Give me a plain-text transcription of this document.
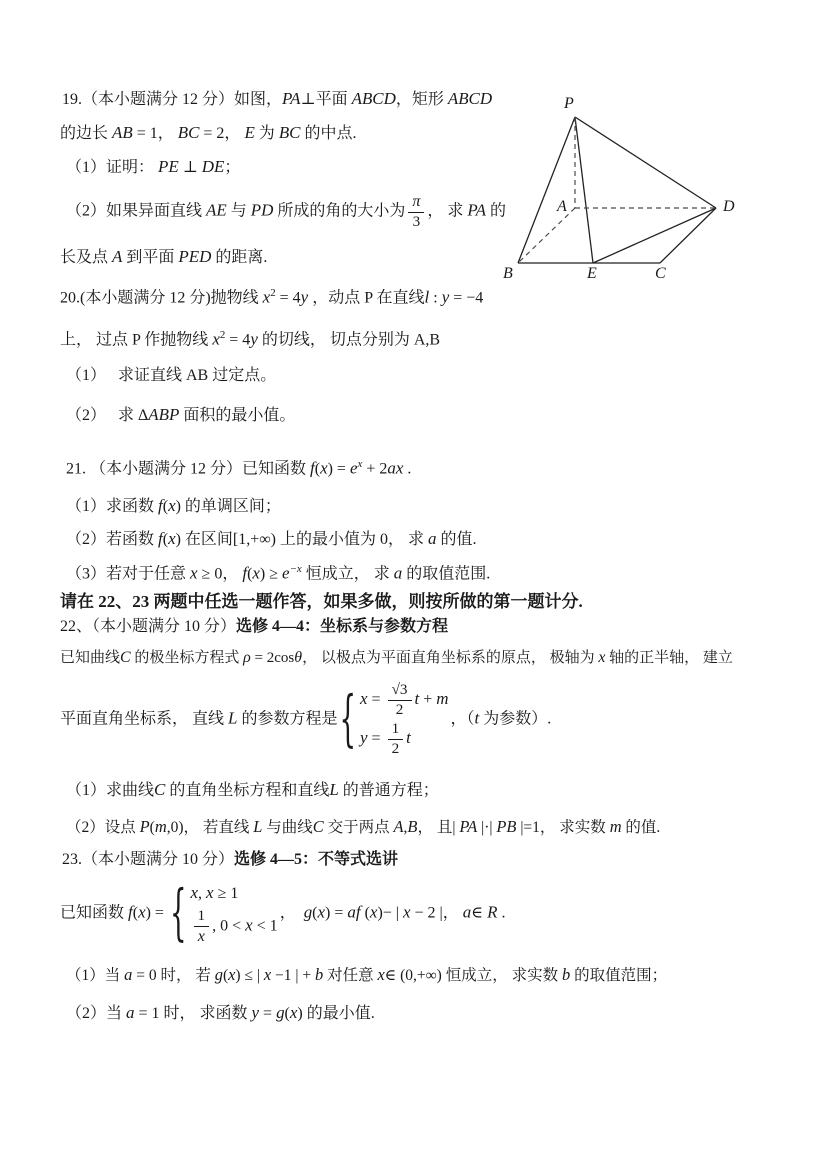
19.（本小题满分 12 分）如图，PA⊥平面 ABCD，矩形 ABCD
的边长 AB = 1， BC = 2， E 为 BC 的中点.
（1）证明： PE ⊥ DE；
（2）如果异面直线 AE 与 PD 所成的角的大小为 $\frac{\pi}{3}$ ， 求 PA 的
长及点 A 到平面 PED 的距离.
P
A	D
B	E	C
20.(本小题满分 12 分)抛物线 $x^2 = 4y$ ，动点 P 在直线l : y = −4
上， 过点 P 作抛物线 $x^2 = 4y$ 的切线， 切点分别为 A,B
（1）　 求证直线 AB 过定点。
（2）　 求 ΔABP 面积的最小值。
21. （本小题满分 12 分）已知函数 $f(x) = e^x + 2ax$ .
（1）求函数 f(x) 的单调区间；
（2）若函数 f(x) 在区间[1,+∞) 上的最小值为 0， 求 a 的值.
（3）若对于任意 x ≥ 0， $f(x) \ge e^{-x}$ 恒成立， 求 a 的取值范围.
请在 22、23 两题中任选一题作答，如果多做，则按所做的第一题计分.
22、（本小题满分 10 分）选修 4—4：坐标系与参数方程
已知曲线C 的极坐标方程式 ρ = 2cosθ， 以极点为平面直角坐标系的原点， 极轴为 x 轴的正半轴， 建立
平面直角坐标系， 直线 L 的参数方程是 { $x = \frac{√3}{2}$ t + m
$y = \frac{1}{2}$ t
，（t 为参数）.
（1）求曲线C 的直角坐标方程和直线L 的普通方程；
（2）设点 P(m,0)， 若直线 L 与曲线C 交于两点 A,B， 且| PA |·| PB |=1， 求实数 m 的值.
23.（本小题满分 10 分）选修 4—5：不等式选讲
已知函数 f(x) = { x, x ≥ 1
$\frac{1}{x}$ , 0 < x < 1
，  g(x) = af (x)− | x − 2 |， a∈ R .
（1）当 a = 0 时， 若 g(x) ≤ | x −1 | + b 对任意 x∈ (0,+∞) 恒成立， 求实数 b 的取值范围；
（2）当 a = 1 时， 求函数 y = g(x) 的最小值.
